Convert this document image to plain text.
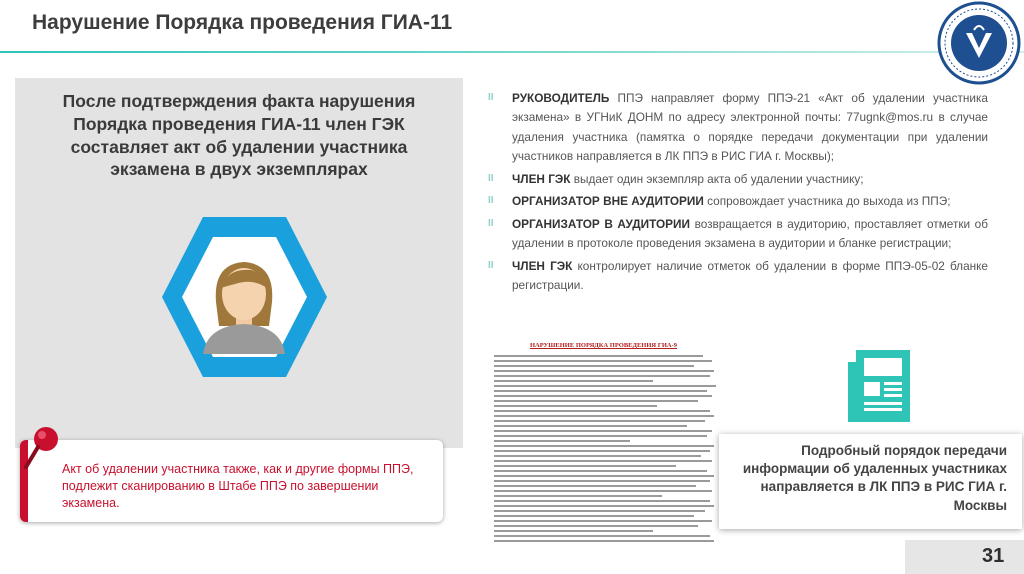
Нарушение Порядка проведения ГИА-11
После подтверждения факта нарушения Порядка проведения ГИА-11 член ГЭК составляет акт об удалении участника экзамена в двух экземплярах
Акт об удалении участника также, как и другие формы ППЭ, подлежит сканированию в Штабе ППЭ по завершении экзамена.
II РУКОВОДИТЕЛЬ ППЭ направляет форму ППЭ-21 «Акт об удалении участника экзамена» в УГНиК ДОНМ по адресу электронной почты: 77ugnk@mos.ru в случае удаления участника (памятка о порядке передачи документации при удалении участников направляется в ЛК ППЭ в РИС ГИА г. Москвы);
II ЧЛЕН ГЭК выдает один экземпляр акта об удалении участнику;
II ОРГАНИЗАТОР ВНЕ АУДИТОРИИ сопровождает участника до выхода из ППЭ;
II ОРГАНИЗАТОР В АУДИТОРИИ возвращается в аудиторию, проставляет отметки об удалении в протоколе проведения экзамена в аудитории и бланке регистрации;
II ЧЛЕН ГЭК контролирует наличие отметок об удалении в форме ППЭ-05-02 бланке регистрации.
НАРУШЕНИЕ ПОРЯДКА ПРОВЕДЕНИЯ ГИА-9
Подробный порядок передачи информации об удаленных участниках направляется в ЛК ППЭ в РИС ГИА г. Москвы
31
